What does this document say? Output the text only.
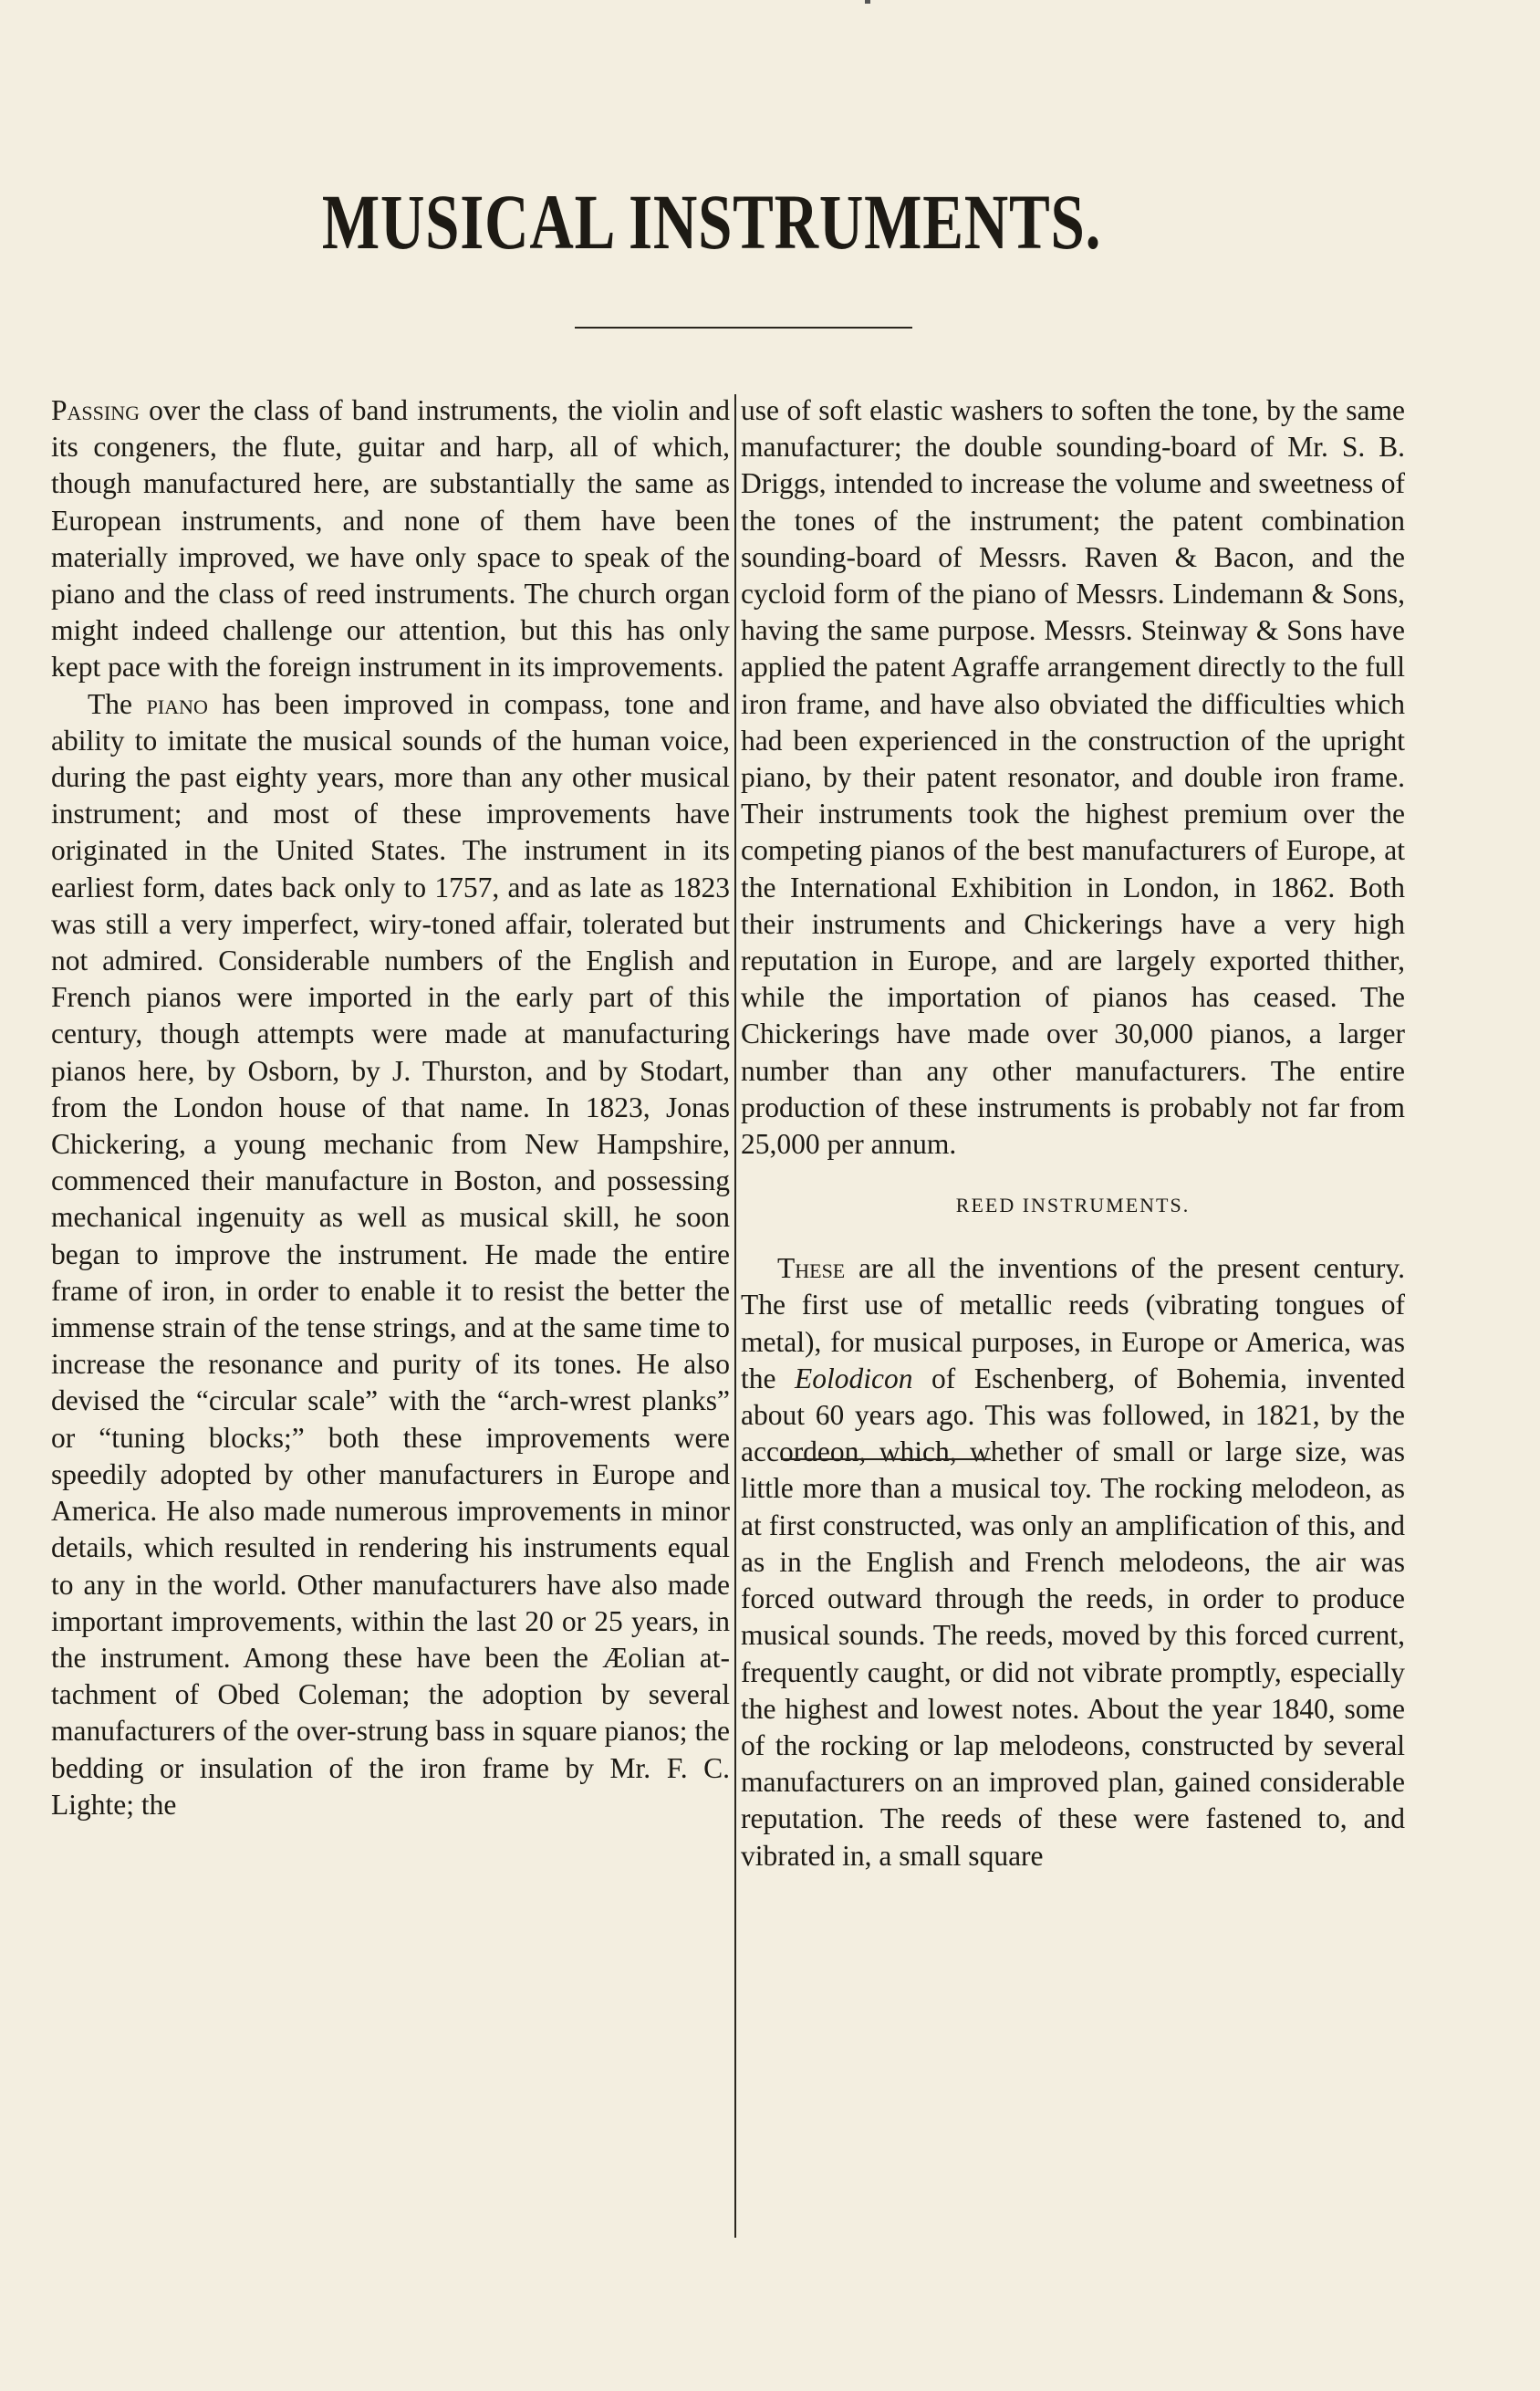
MUSICAL INSTRUMENTS.

Passing over the class of band instruments, the violin and its congeners, the flute, guitar and harp, all of which, though manufactured here, are substantially the same as European instruments, and none of them have been materially improved, we have only space to speak of the piano and the class of reed instruments. The church organ might indeed challenge our attention, but this has only kept pace with the foreign instrument in its improvements.

The piano has been improved in compass, tone and ability to imitate the musical sounds of the human voice, during the past eighty years, more than any other musical instrument; and most of these improvements have originated in the United States. The instrument in its earliest form, dates back only to 1757, and as late as 1823 was still a very imperfect, wiry-toned affair, tolerated but not admired. Considerable numbers of the English and French pianos were imported in the early part of this century, though attempts were made at manufacturing pianos here, by Osborn, by J. Thurston, and by Stodart, from the London house of that name. In 1823, Jonas Chickering, a young mechanic from New Hampshire, commenced their manufacture in Boston, and possessing mechanical ingenuity as well as musical skill, he soon began to improve the instrument. He made the entire frame of iron, in order to enable it to resist the better the immense strain of the tense strings, and at the same time to increase the resonance and purity of its tones. He also devised the “circular scale” with the “arch-wrest planks” or “tuning blocks;” both these improvements were speedily adopted by other manufacturers in Europe and America. He also made numerous improvements in minor details, which resulted in rendering his instruments equal to any in the world. Other manufacturers have also made important improvements, within the last 20 or 25 years, in the instrument. Among these have been the Æolian attachment of Obed Coleman; the adoption by several manufacturers of the over-strung bass in square pianos; the bedding or insulation of the iron frame by Mr. F. C. Lighte; the

use of soft elastic washers to soften the tone, by the same manufacturer; the double sounding-board of Mr. S. B. Driggs, intended to increase the volume and sweetness of the tones of the instrument; the patent combination sounding-board of Messrs. Raven & Bacon, and the cycloid form of the piano of Messrs. Lindemann & Sons, having the same purpose. Messrs. Steinway & Sons have applied the patent Agraffe arrangement directly to the full iron frame, and have also obviated the difficulties which had been experienced in the construction of the upright piano, by their patent resonator, and double iron frame. Their instruments took the highest premium over the competing pianos of the best manufacturers of Europe, at the International Exhibition in London, in 1862. Both their instruments and Chickerings have a very high reputation in Europe, and are largely exported thither, while the importation of pianos has ceased. The Chickerings have made over 30,000 pianos, a larger number than any other manufacturers. The entire production of these instruments is probably not far from 25,000 per annum.

REED INSTRUMENTS.

These are all the inventions of the present century. The first use of metallic reeds (vibrating tongues of metal), for musical purposes, in Europe or America, was the Eolodicon of Eschenberg, of Bohemia, invented about 60 years ago. This was followed, in 1821, by the accordeon, which, whether of small or large size, was little more than a musical toy. The rocking melodeon, as at first constructed, was only an amplification of this, and as in the English and French melodeons, the air was forced outward through the reeds, in order to produce musical sounds. The reeds, moved by this forced current, frequently caught, or did not vibrate promptly, especially the highest and lowest notes. About the year 1840, some of the rocking or lap melodeons, constructed by several manufacturers on an improved plan, gained considerable reputation. The reeds of these were fastened to, and vibrated in, a small square
